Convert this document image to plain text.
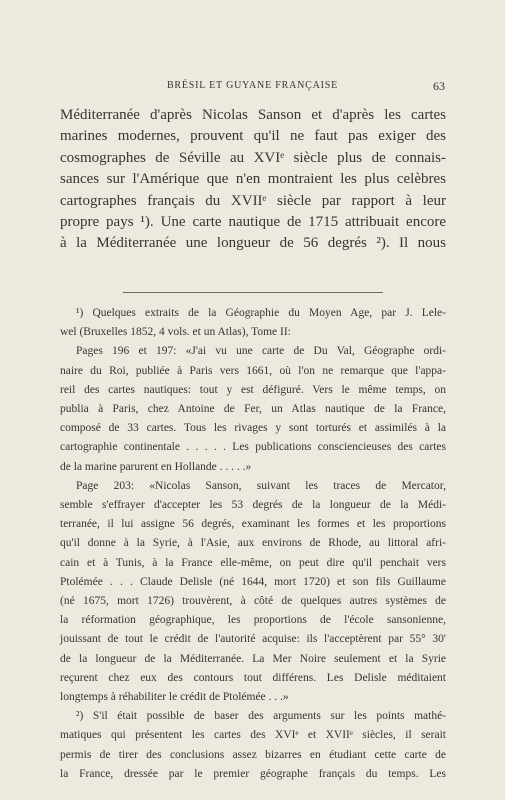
BRÉSIL ET GUYANE FRANÇAISE	63
Méditerranée d'après Nicolas Sanson et d'après les cartes
marines modernes, prouvent qu'il ne faut pas exiger des
cosmographes de Séville au XVIᵉ siècle plus de connais-
sances sur l'Amérique que n'en montraient les plus celèbres
cartographes français du XVIIᵉ siècle par rapport à leur
propre pays ¹). Une carte nautique de 1715 attribuait encore
à la Méditerranée une longueur de 56 degrés ²). Il nous
¹) Quelques extraits de la Géographie du Moyen Age, par J. Lele-
wel (Bruxelles 1852, 4 vols. et un Atlas), Tome II:
Pages 196 et 197: «J'ai vu une carte de Du Val, Géographe ordi-
naire du Roi, publiée à Paris vers 1661, où l'on ne remarque que l'appa-
reil des cartes nautiques: tout y est défiguré. Vers le même temps, on
publia à Paris, chez Antoine de Fer, un Atlas nautique de la France,
composé de 33 cartes. Tous les rivages y sont torturés et assimilés à la
cartographie continentale . . . . . Les publications consciencieuses des cartes
de la marine parurent en Hollande . . . . .»
Page 203: «Nicolas Sanson, suivant les traces de Mercator,
semble s'effrayer d'accepter les 53 degrés de la longueur de la Médi-
terranée, il lui assigne 56 degrés, examinant les formes et les proportions
qu'il donne à la Syrie, à l'Asie, aux environs de Rhode, au littoral afri-
cain et à Tunis, à la France elle-même, on peut dire qu'il penchait vers
Ptolémée . . . Claude Delisle (né 1644, mort 1720) et son fils Guillaume
(né 1675, mort 1726) trouvèrent, à côté de quelques autres systèmes de
la réformation géographique, les proportions de l'école sansonienne,
jouissant de tout le crédit de l'autorité acquise: ils l'acceptèrent par 55° 30'
de la longueur de la Méditerranée. La Mer Noire seulement et la Syrie
reçurent chez eux des contours tout différens. Les Delisle méditaient
longtemps à réhabiliter le crédit de Ptolémée . . .»
²) S'il était possible de baser des arguments sur les points mathé-
matiques qui présentent les cartes des XVIᵉ et XVIIᵉ siècles, il serait
permis de tirer des conclusions assez bizarres en étudiant cette carte de
la France, dressée par le premier géographe français du temps. Les
